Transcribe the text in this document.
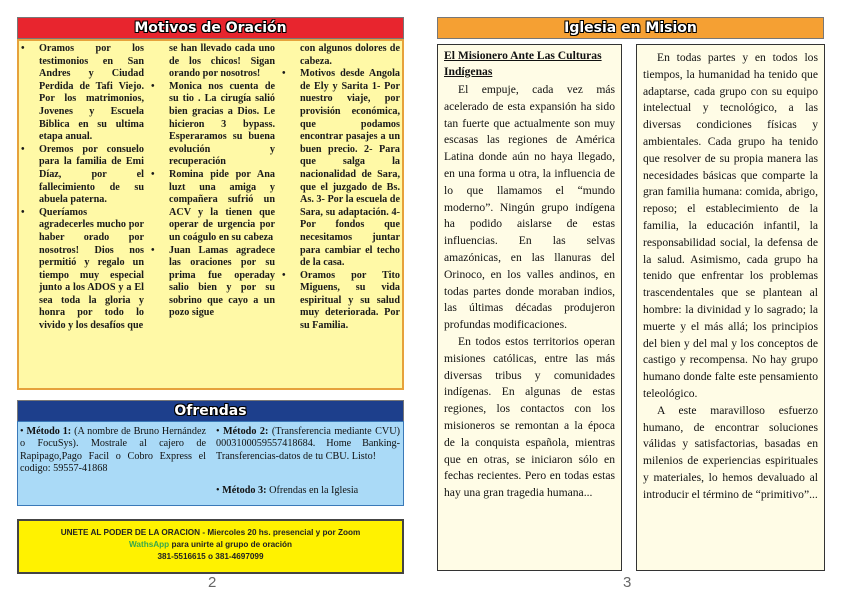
Motivos de Oración
• Oramos por los testimonios en San Andres y Ciudad Perdida de Tafi Viejo. Por los matrimonios, Jovenes y Escuela Biblica en su ultima etapa anual.
• Oremos por consuelo para la familia de Emi Díaz, por el fallecimiento de su abuela paterna.
• Queríamos agradecerles mucho por haber orado por nosotros! Dios nos permitió y regalo un tiempo muy especial junto a los ADOS y a El sea toda la gloria y honra por todo lo vivido y los desafíos que
se han llevado cada uno de los chicos! Sigan orando por nosotros!
• Monica nos cuenta de su tio . La cirugía salió bien gracias a Dios. Le hicieron 3 bypass. Esperaramos su buena evolución y recuperación
• Romina pide por Ana luzt una amiga y compañera sufrió un ACV y la tienen que operar de urgencia por un coágulo en su cabeza
• Juan Lamas agradece las oraciones por su prima fue operaday salio bien y por su sobrino que cayo a un pozo sigue
con algunos dolores de cabeza.
• Motivos desde Angola de Ely y Sarita 1- Por nuestro viaje, por provisión económica, que podamos encontrar pasajes a un buen precio. 2- Para que salga la nacionalidad de Sara, que el juzgado de Bs. As. 3- Por la escuela de Sara, su adaptación. 4- Por fondos que necesitamos juntar para cambiar el techo de la casa.
• Oramos por Tito Miguens, su vida espiritual y su salud muy deteriorada. Por su Familia.
Ofrendas
• Método 1: (A nombre de Bruno Hernández o FocuSys). Mostrale al cajero de Rapipago,Pago Facil o Cobro Express el codigo: 59557-41868
• Método 2: (Transferencia mediante CVU) 0003100059557418684. Home Banking- Transferencias-datos de tu CBU. Listo!
• Método 3: Ofrendas en la Iglesia
UNETE AL PODER DE LA ORACION - Miercoles 20 hs. presencial y por Zoom
WathsApp para unirte al grupo de oración
381-5516615 o 381-4697099
2
Iglesia en Mision
El Misionero Ante Las Culturas Indígenas

El empuje, cada vez más acelerado de esta expansión ha sido tan fuerte que actualmente son muy escasas las regiones de América Latina donde aún no haya llegado, en una forma u otra, la influencia de lo que llamamos el “mundo moderno”. Ningún grupo indígena ha podido aislarse de estas influencias. En las selvas amazónicas, en las llanuras del Orinoco, en los valles andinos, en todas partes donde moraban indios, las últimas décadas produjeron profundas modificaciones.

En todos estos territorios operan misiones católicas, entre las más diversas tribus y comunidades indígenas. En algunas de estas regiones, los contactos con los misioneros se remontan a la época de la conquista española, mientras que en otras, se iniciaron sólo en fechas recientes. Pero en todas estas hay una gran tragedia humana...

En todas partes y en todos los tiempos, la humanidad ha tenido que adaptarse, cada grupo con su equipo intelectual y tecnológico, a las diversas condiciones físicas y ambientales. Cada grupo ha tenido que resolver de su propia manera las necesidades básicas que comparte la gran familia humana: comida, abrigo, reposo; el establecimiento de la familia, la educación infantil, la responsabilidad social, la defensa de la salud. Asimismo, cada grupo ha tenido que enfrentar los problemas trascendentales que se plantean al hombre: la divinidad y lo sagrado; la muerte y el más allá; los principios del bien y del mal y los conceptos de castigo y recompensa. No hay grupo humano donde falte este pensamiento teleológico.

A este maravilloso esfuerzo humano, de encontrar soluciones válidas y satisfactorias, basadas en milenios de experiencias espirituales y materiales, lo hemos devaluado al introducir el término de “primitivo”...

3
